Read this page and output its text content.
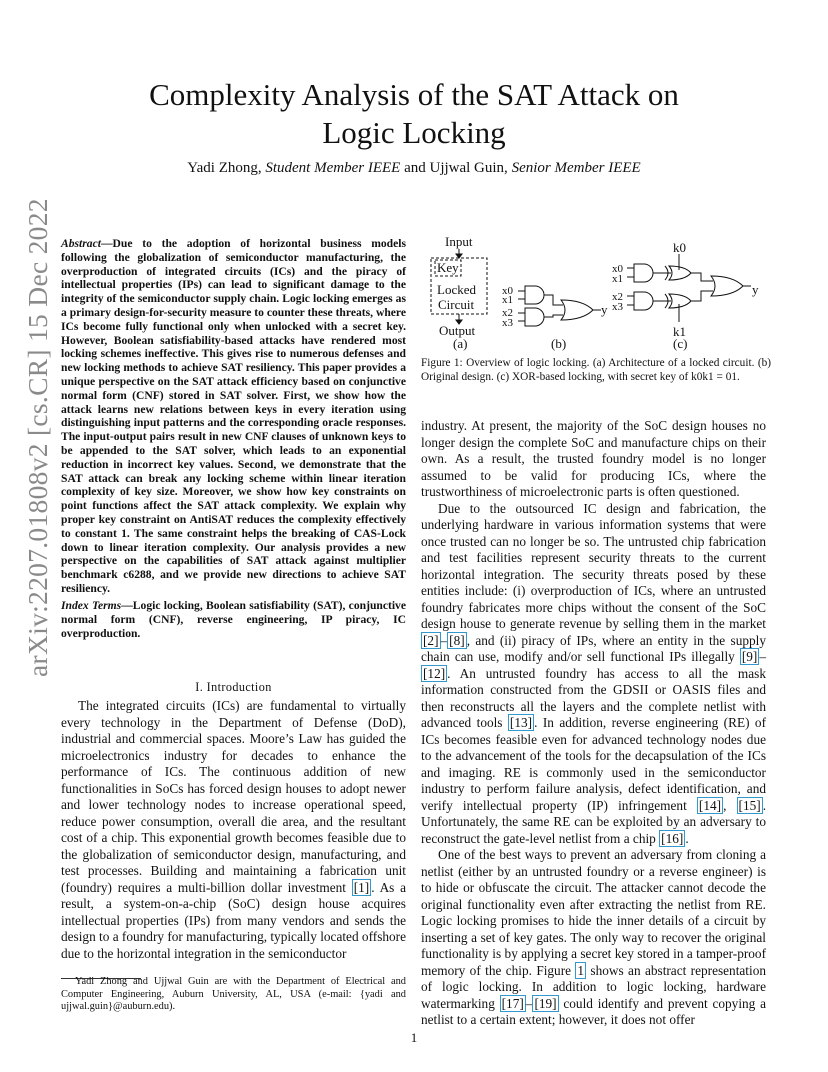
arXiv:2207.01808v2 [cs.CR] 15 Dec 2022
Complexity Analysis of the SAT Attack on
Logic Locking
Yadi Zhong, Student Member IEEE and Ujjwal Guin, Senior Member IEEE
Abstract—Due to the adoption of horizontal business models following the globalization of semiconductor manufacturing, the overproduction of integrated circuits (ICs) and the piracy of intellectual properties (IPs) can lead to significant damage to the integrity of the semiconductor supply chain. Logic locking emerges as a primary design-for-security measure to counter these threats, where ICs become fully functional only when unlocked with a secret key. However, Boolean satisfiability-based attacks have rendered most locking schemes ineffective. This gives rise to numerous defenses and new locking methods to achieve SAT resiliency. This paper provides a unique perspective on the SAT attack efficiency based on conjunctive normal form (CNF) stored in SAT solver. First, we show how the attack learns new relations between keys in every iteration using distinguishing input patterns and the corresponding oracle responses. The input-output pairs result in new CNF clauses of unknown keys to be appended to the SAT solver, which leads to an exponential reduction in incorrect key values. Second, we demonstrate that the SAT attack can break any locking scheme within linear iteration complexity of key size. Moreover, we show how key constraints on point functions affect the SAT attack complexity. We explain why proper key constraint on AntiSAT reduces the complexity effectively to constant 1. The same constraint helps the breaking of CAS-Lock down to linear iteration complexity. Our analysis provides a new perspective on the capabilities of SAT attack against multiplier benchmark c6288, and we provide new directions to achieve SAT resiliency.
Index Terms—Logic locking, Boolean satisfiability (SAT), conjunctive normal form (CNF), reverse engineering, IP piracy, IC overproduction.
I. Introduction

The integrated circuits (ICs) are fundamental to virtually every technology in the Department of Defense (DoD), industrial and commercial spaces. Moore’s Law has guided the microelectronics industry for decades to enhance the performance of ICs. The continuous addition of new functionalities in SoCs has forced design houses to adopt newer and lower technology nodes to increase operational speed, reduce power consumption, overall die area, and the resultant cost of a chip. This exponential growth becomes feasible due to the globalization of semiconductor design, manufacturing, and test processes. Building and maintaining a fabrication unit (foundry) requires a multi-billion dollar investment [1] . As a result, a system-on-a-chip (SoC) design house acquires intellectual properties (IPs) from many vendors and sends the design to a foundry for manufacturing, typically located offshore due to the horizontal integration in the semiconductor

Yadi Zhong and Ujjwal Guin are with the Department of Electrical and Computer Engineering, Auburn University, AL, USA (e-mail: {yadi and ujjwal.guin}@auburn.edu).
Input
Key
Locked
Circuit
Output
(a)	(b)	(c)
y
y
k0
k1
x0
x1
x2
x3
x0
x1
x2
x3
Figure 1: Overview of logic locking. (a) Architecture of a locked circuit. (b) Original design. (c) XOR-based locking, with secret key of k0k1 = 01.

industry. At present, the majority of the SoC design houses no longer design the complete SoC and manufacture chips on their own. As a result, the trusted foundry model is no longer assumed to be valid for producing ICs, where the trustworthiness of microelectronic parts is often questioned.

Due to the outsourced IC design and fabrication, the underlying hardware in various information systems that were once trusted can no longer be so. The untrusted chip fabrication and test facilities represent security threats to the current horizontal integration. The security threats posed by these entities include: (i) overproduction of ICs, where an untrusted foundry fabricates more chips without the consent of the SoC design house to generate revenue by selling them in the market [2] – [8] , and (ii) piracy of IPs, where an entity in the supply chain can use, modify and/or sell functional IPs illegally [9] –[12] . An untrusted foundry has access to all the mask information constructed from the GDSII or OASIS files and then reconstructs all the layers and the complete netlist with advanced tools [13] . In addition, reverse engineering (RE) of ICs becomes feasible even for advanced technology nodes due to the advancement of the tools for the decapsulation of the ICs and imaging. RE is commonly used in the semiconductor industry to perform failure analysis, defect identification, and verify intellectual property (IP) infringement [14] , [15] . Unfortunately, the same RE can be exploited by an adversary to reconstruct the gate-level netlist from a chip [16] .

One of the best ways to prevent an adversary from cloning a netlist (either by an untrusted foundry or a reverse engineer) is to hide or obfuscate the circuit. The attacker cannot decode the original functionality even after extracting the netlist from RE. Logic locking promises to hide the inner details of a circuit by inserting a set of key gates. The only way to recover the original functionality is by applying a secret key stored in a tamper-proof memory of the chip. Figure 1 shows an abstract representation of logic locking. In addition to logic locking, hardware watermarking [17] – [19] could identify and prevent copying a netlist to a certain extent; however, it does not offer

1
